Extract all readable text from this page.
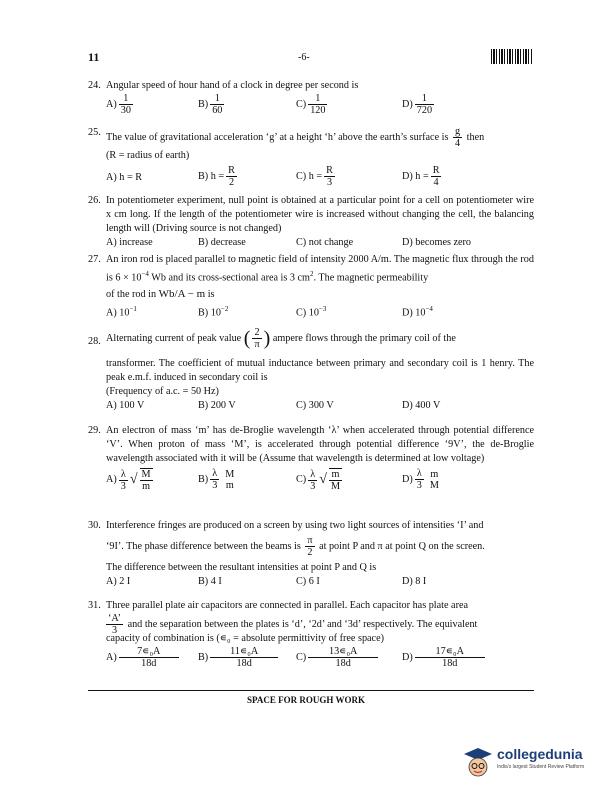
11	-6-
24. Angular speed of hour hand of a clock in degree per second is
$A) \frac{1}{30}$	$B) \frac{1}{60}$	$C) \frac{1}{120}$	$D) \frac{1}{720}$
25. The value of gravitational acceleration ‘g’ at a height ‘h’ above the earth’s surface is $\frac{g}{4}$ then
(R = radius of earth)
A) h = R	B) $h = \frac{R}{2}$	C) $h = \frac{R}{3}$	D) $h = \frac{R}{4}$
26. In potentiometer experiment, null point is obtained at a particular point for a cell on potentiometer wire x cm long. If the length of the potentiometer wire is increased without changing the cell, the balancing length will (Driving source is not changed)
A) increase	B) decrease	C) not change	D) becomes zero
27. An iron rod is placed parallel to magnetic field of intensity 2000 A/m. The magnetic flux through the rod is $6 \times 10^{-4}$ Wb and its cross-sectional area is 3 $cm^2$. The magnetic permeability
of the rod in Wb/A − m is
A) $10^{-1}$	B) $10^{-2}$	C) $10^{-3}$	D) $10^{-4}$
28. Alternating current of peak value ( $\frac{2}{\pi}$ ) ampere flows through the primary coil of the
transformer. The coefficient of mutual inductance between primary and secondary coil is 1 henry. The peak e.m.f. induced in secondary coil is
(Frequency of a.c. = 50 Hz)
A) 100 V	B) 200 V	C) 300 V	D) 400 V
29. An electron of mass ‘m’ has de-Broglie wavelength ‘λ’ when accelerated through potential difference ‘V’. When proton of mass ‘M’, is accelerated through potential difference ‘9V’, the de-Broglie wavelength associated with it will be (Assume that wavelength is determined at low voltage)
$A) \frac{\lambda}{3}$ √ $\frac{M}{m}$	$B) \frac{\lambda}{3}$ M
m	$C) \frac{\lambda}{3}$ √ $\frac{m}{M}$	$D) \frac{\lambda}{3}$ m
M
30. Interference fringes are produced on a screen by using two light sources of intensities ‘I’ and
‘9I’. The phase difference between the beams is $\frac{\pi}{2}$ at point P and π at point Q on the screen.
The difference between the resultant intensities at point P and Q is
A) 2 I	B) 4 I	C) 6 I	D) 8 I
31. Three parallel plate air capacitors are connected in parallel. Each capacitor has plate area
$\frac{‘A’}{3}$ and the separation between the plates is ‘d’, ‘2d’ and ‘3d’ respectively. The equivalent
capacity of combination is (∊₀ = absolute permittivity of free space)
$A) \frac{\text{7∊₀A}}{18d} B) \frac{\text{11∊₀A}}{18d} C) \frac{\text{13∊₀A}}{18d} D) \frac{\text{17∊₀A}}{18d}$
SPACE FOR ROUGH WORK
collegedunia
India's largest Student Review Platform
